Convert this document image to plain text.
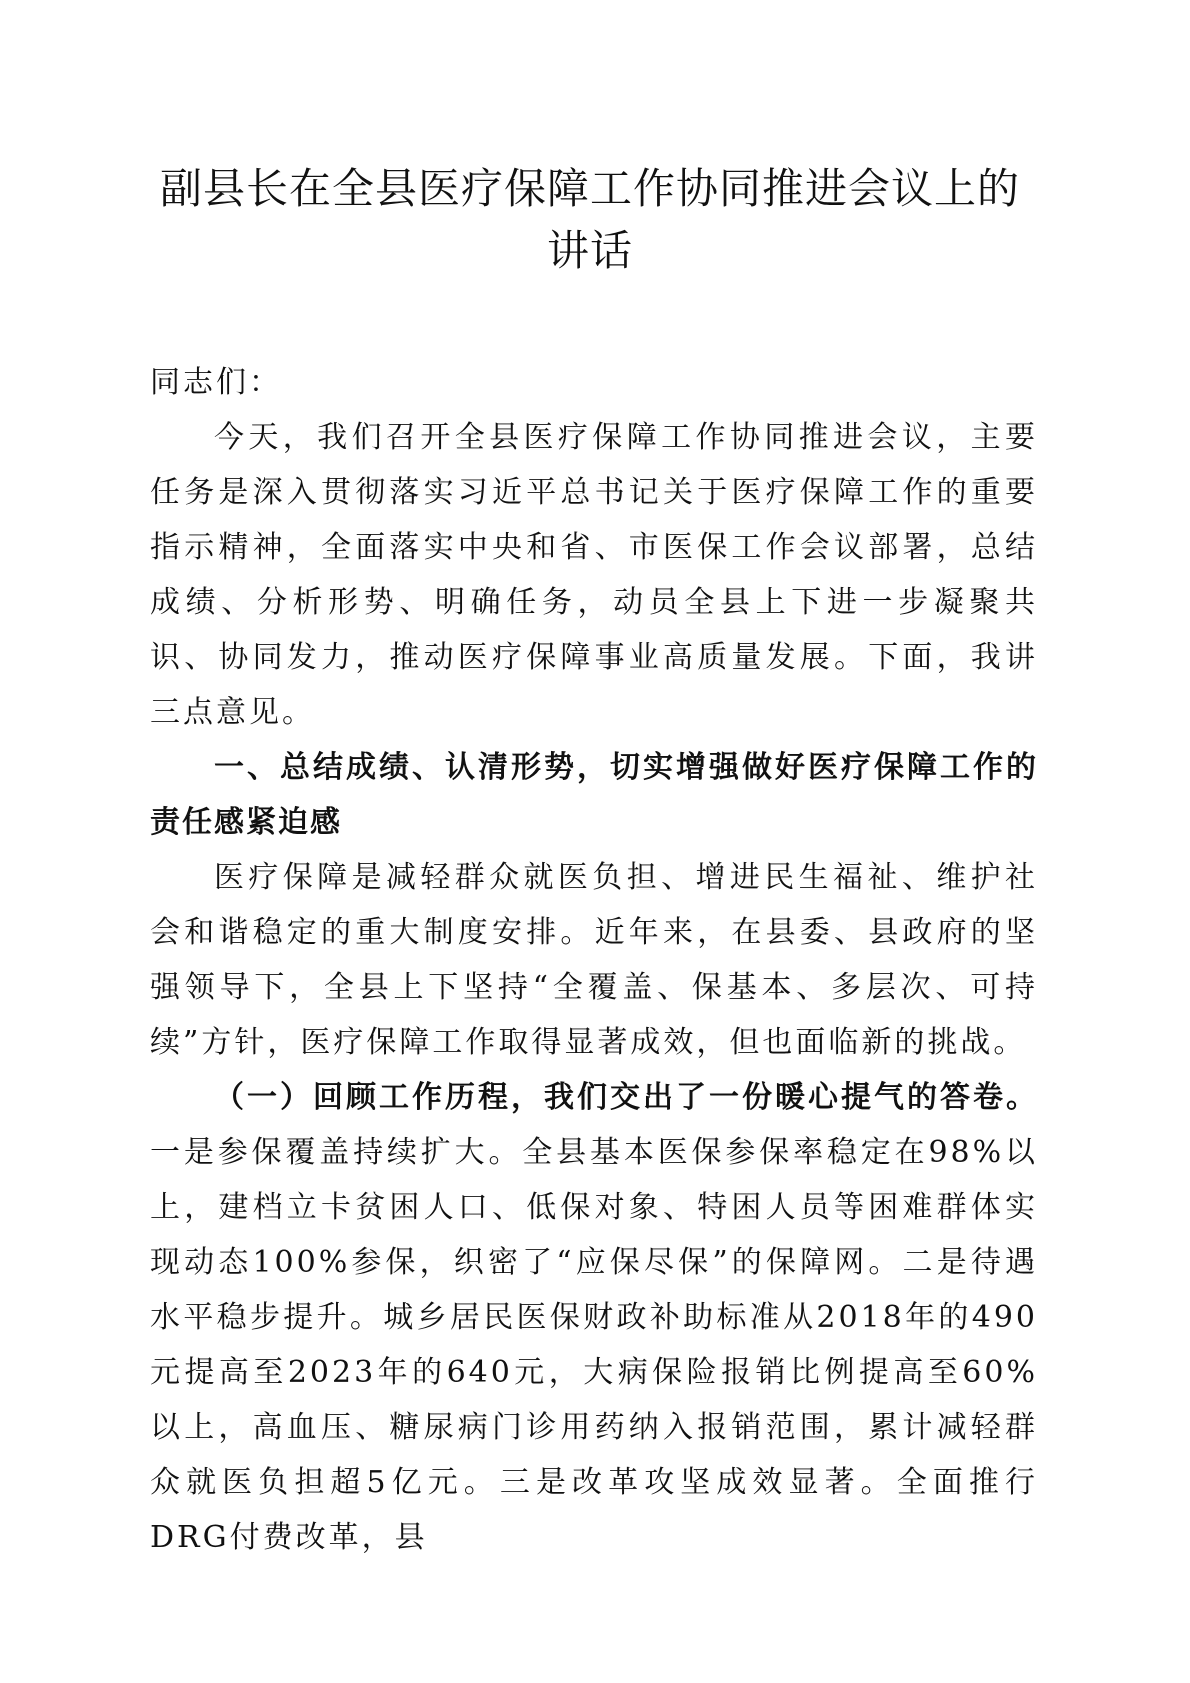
副县长在全县医疗保障工作协同推进会议上的
讲话

同志们：

今天，我们召开全县医疗保障工作协同推进会议，主要任务是深入贯彻落实习近平总书记关于医疗保障工作的重要指示精神，全面落实中央和省、市医保工作会议部署，总结成绩、分析形势、明确任务，动员全县上下进一步凝聚共识、协同发力，推动医疗保障事业高质量发展。下面，我讲三点意见。

一、总结成绩、认清形势，切实增强做好医疗保障工作的责任感紧迫感

医疗保障是减轻群众就医负担、增进民生福祉、维护社会和谐稳定的重大制度安排。近年来，在县委、县政府的坚强领导下，全县上下坚持“全覆盖、保基本、多层次、可持续”方针，医疗保障工作取得显著成效，但也面临新的挑战。

（一）回顾工作历程，我们交出了一份暖心提气的答卷。一是参保覆盖持续扩大。全县基本医保参保率稳定在98%以上，建档立卡贫困人口、低保对象、特困人员等困难群体实现动态100%参保，织密了“应保尽保”的保障网。二是待遇水平稳步提升。城乡居民医保财政补助标准从2018年的490元提高至2023年的640元，大病保险报销比例提高至60%以上，高血压、糖尿病门诊用药纳入报销范围，累计减轻群众就医负担超5亿元。三是改革攻坚成效显著。全面推行DRG付费改革，县
